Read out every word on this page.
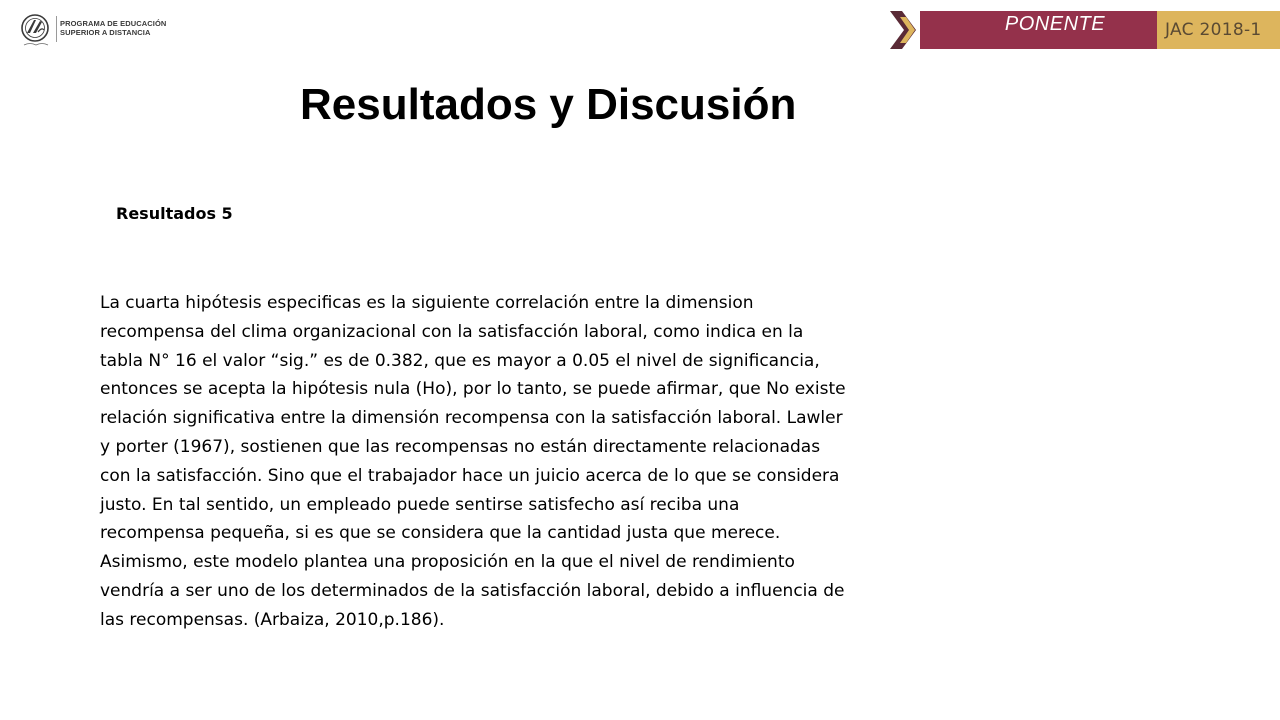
PROGRAMA DE EDUCACIÓN
SUPERIOR A DISTANCIA	PONENTE	JAC 2018-1
Resultados y Discusión
Resultados 5
La cuarta hipótesis especificas es la siguiente correlación entre la dimension
recompensa del clima organizacional con la satisfacción laboral, como indica en la
tabla N° 16 el valor “sig.” es de 0.382, que es mayor a 0.05 el nivel de significancia,
entonces se acepta la hipótesis nula (Ho), por lo tanto, se puede afirmar, que No existe
relación significativa entre la dimensión recompensa con la satisfacción laboral. Lawler
y porter (1967), sostienen que las recompensas no están directamente relacionadas
con la satisfacción. Sino que el trabajador hace un juicio acerca de lo que se considera
justo. En tal sentido, un empleado puede sentirse satisfecho así reciba una
recompensa pequeña, si es que se considera que la cantidad justa que merece.
Asimismo, este modelo plantea una proposición en la que el nivel de rendimiento
vendría a ser uno de los determinados de la satisfacción laboral, debido a influencia de
las recompensas. (Arbaiza, 2010,p.186).
